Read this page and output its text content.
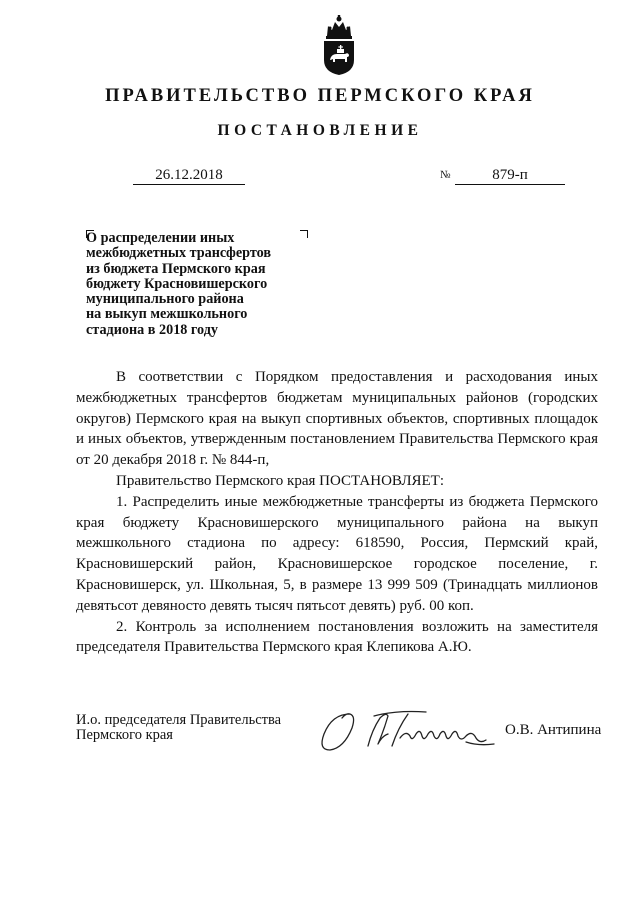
ПРАВИТЕЛЬСТВО ПЕРМСКОГО КРАЯ
ПОСТАНОВЛЕНИЕ
26.12.2018	№	879-п
О распределении иных
межбюджетных трансфертов
из бюджета Пермского края
бюджету Красновишерского
муниципального района
на выкуп межшкольного
стадиона в 2018 году

В соответствии с Порядком предоставления и расходования иных межбюджетных трансфертов бюджетам муниципальных районов (городских округов) Пермского края на выкуп спортивных объектов, спортивных площадок и иных объектов, утвержденным постановлением Правительства Пермского края от 20 декабря 2018 г. № 844-п,

Правительство Пермского края ПОСТАНОВЛЯЕТ:

1. Распределить иные межбюджетные трансферты из бюджета Пермского края бюджету Красновишерского муниципального района на выкуп межшкольного стадиона по адресу: 618590, Россия, Пермский край, Красновишерский район, Красновишерское городское поселение, г. Красновишерск, ул. Школьная, 5, в размере 13 999 509 (Тринадцать миллионов девятьсот девяносто девять тысяч пятьсот девять) руб. 00 коп.

2. Контроль за исполнением постановления возложить на заместителя председателя Правительства Пермского края Клепикова А.Ю.

И.о. председателя Правительства
Пермского края	О.В. Антипина
